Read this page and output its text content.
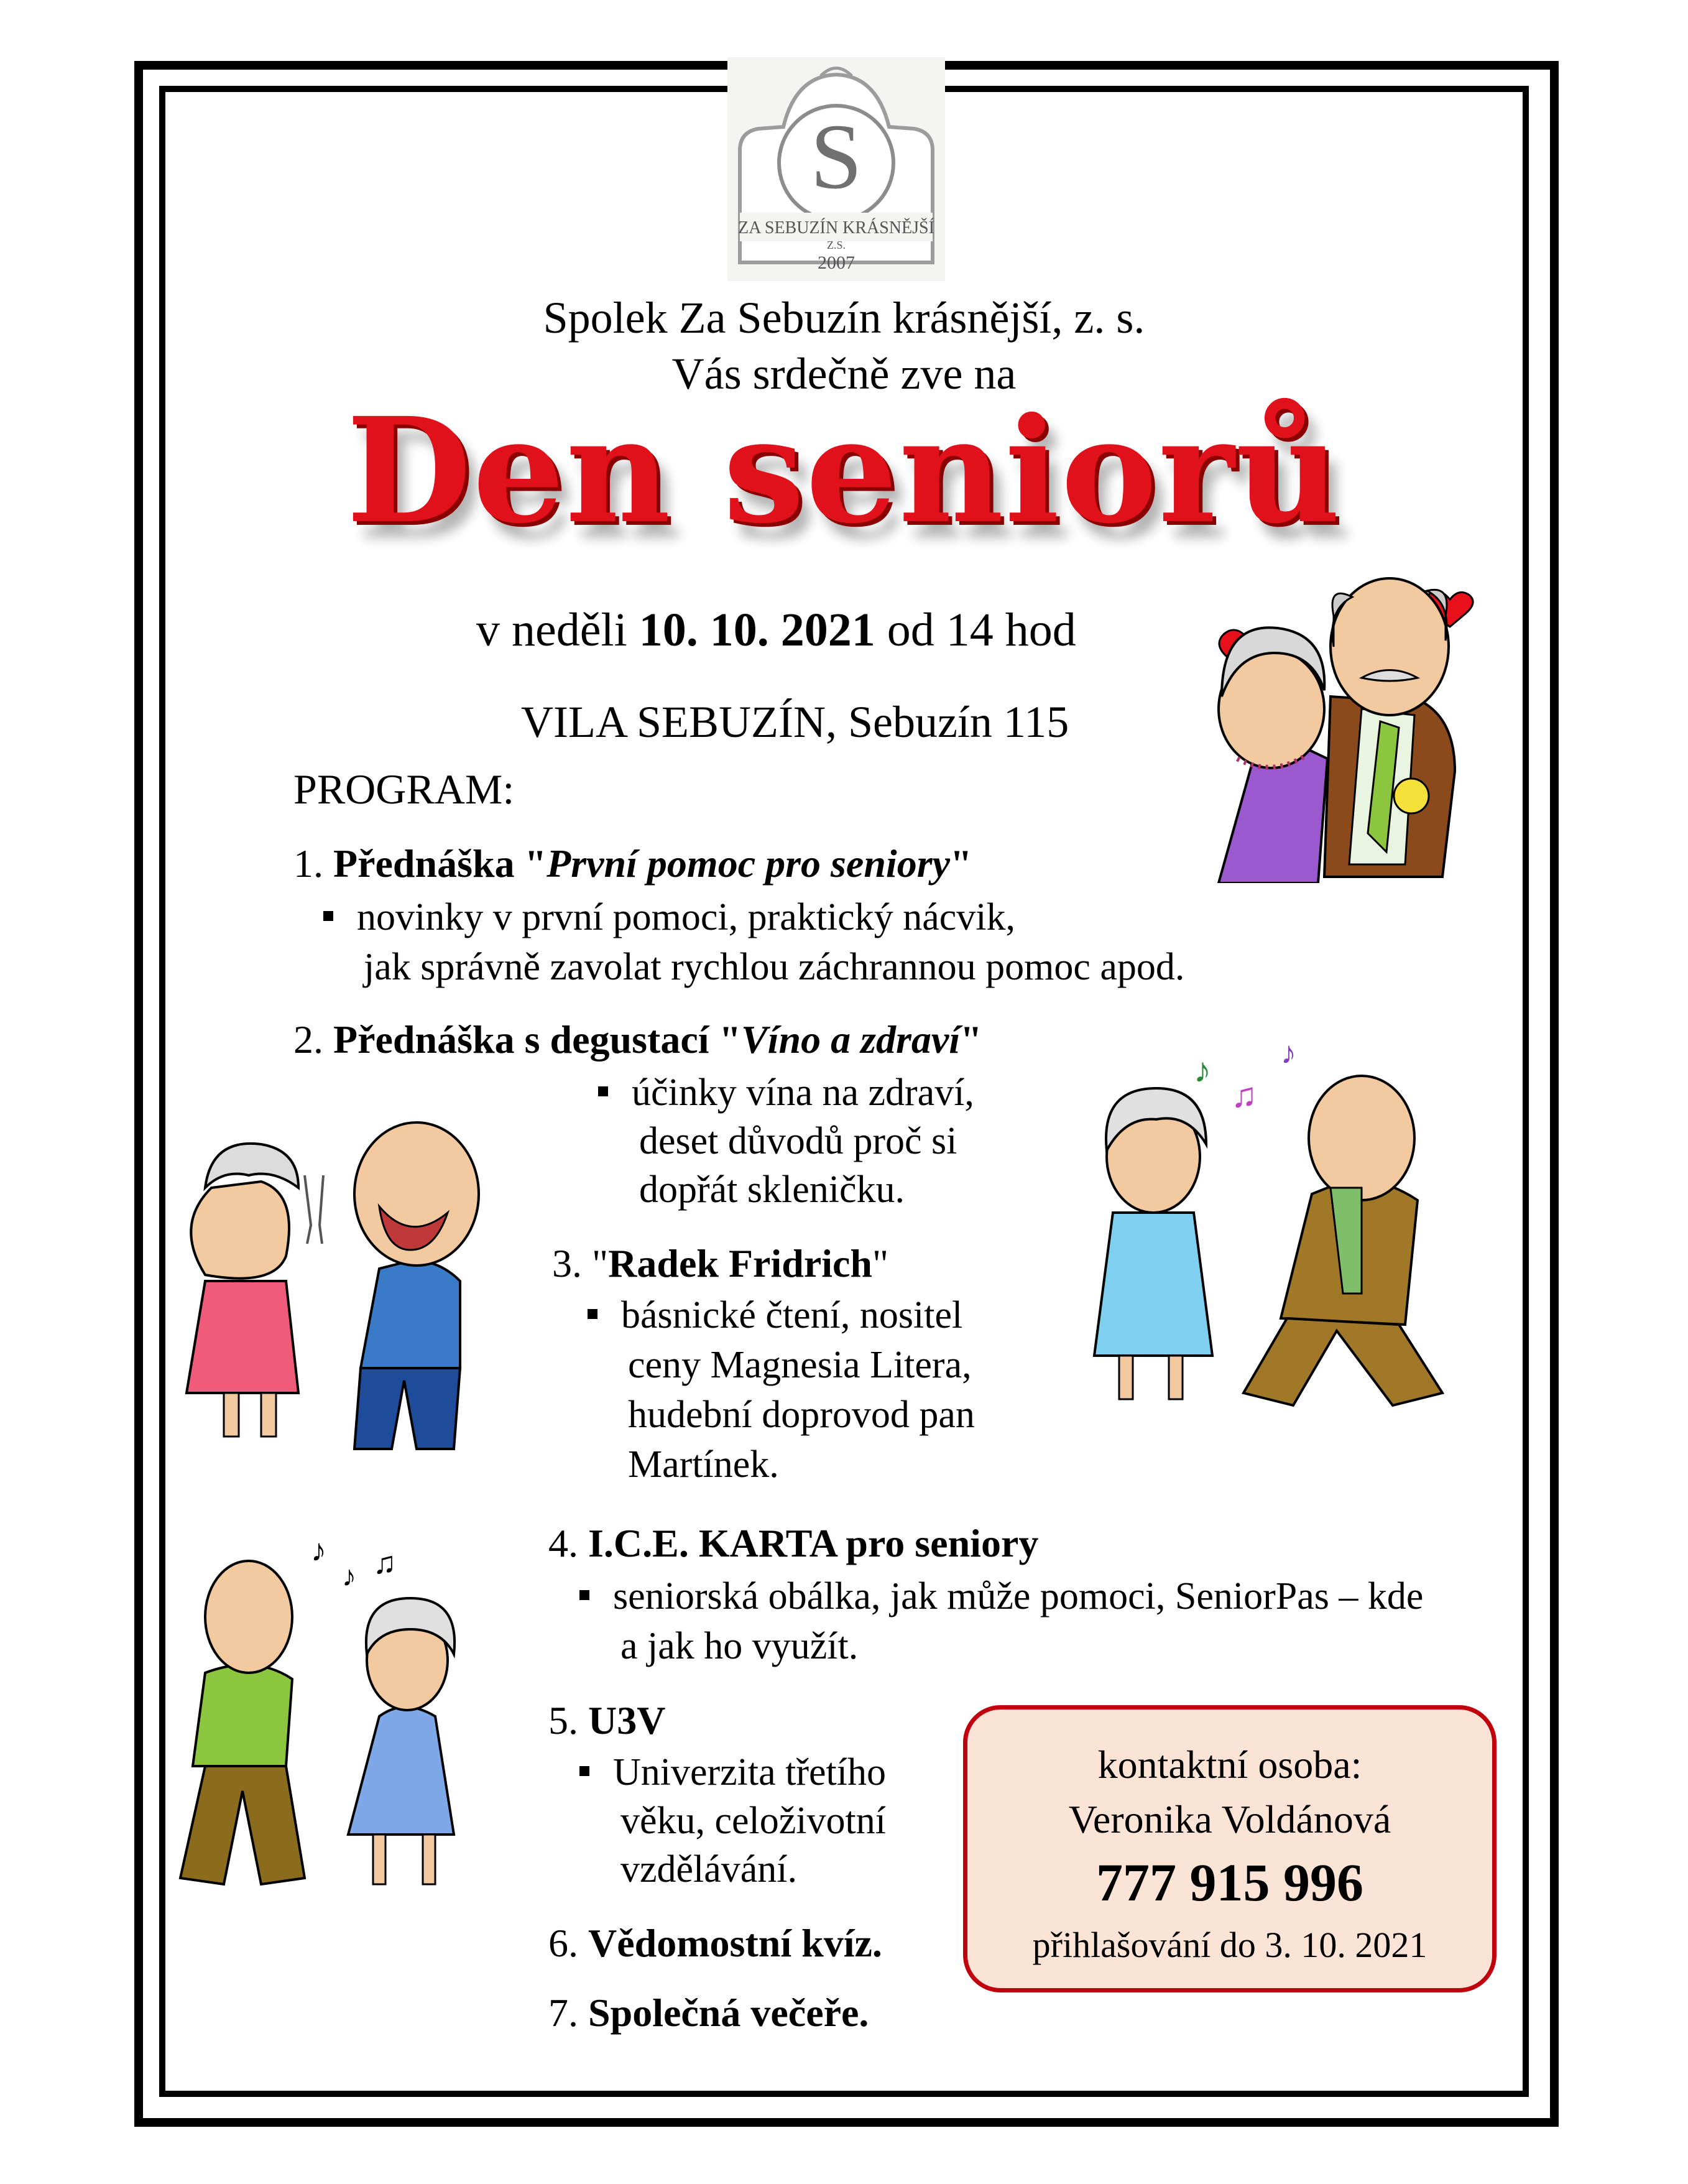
S
ZA SEBUZÍN KRÁSNĚJŠÍ
Z.S.
2007
Spolek Za Sebuzín krásnější, z. s.
Vás srdečně zve na
Den seniorů
v neděli 10. 10. 2021 od 14 hod
VILA SEBUZÍN, Sebuzín 115
PROGRAM:
1. Přednáška "První pomoc pro seniory"
novinky v první pomoci, praktický nácvik,
jak správně zavolat rychlou záchrannou pomoc apod.
2. Přednáška s degustací "Víno a zdraví"
účinky vína na zdraví,
deset důvodů proč si
dopřát skleničku.
3. "Radek Fridrich"
básnické čtení, nositel
ceny Magnesia Litera,
hudební doprovod pan
Martínek.
4. I.C.E. KARTA pro seniory
seniorská obálka, jak může pomoci, SeniorPas – kde
a jak ho využít.
5. U3V
Univerzita třetího
věku, celoživotní
vzdělávání.
6. Vědomostní kvíz.
7. Společná večeře.
kontaktní osoba:
Veronika Voldánová
777 915 996
přihlašování do 3. 10. 2021
♪
♫
♪
♪
♪ ♫
